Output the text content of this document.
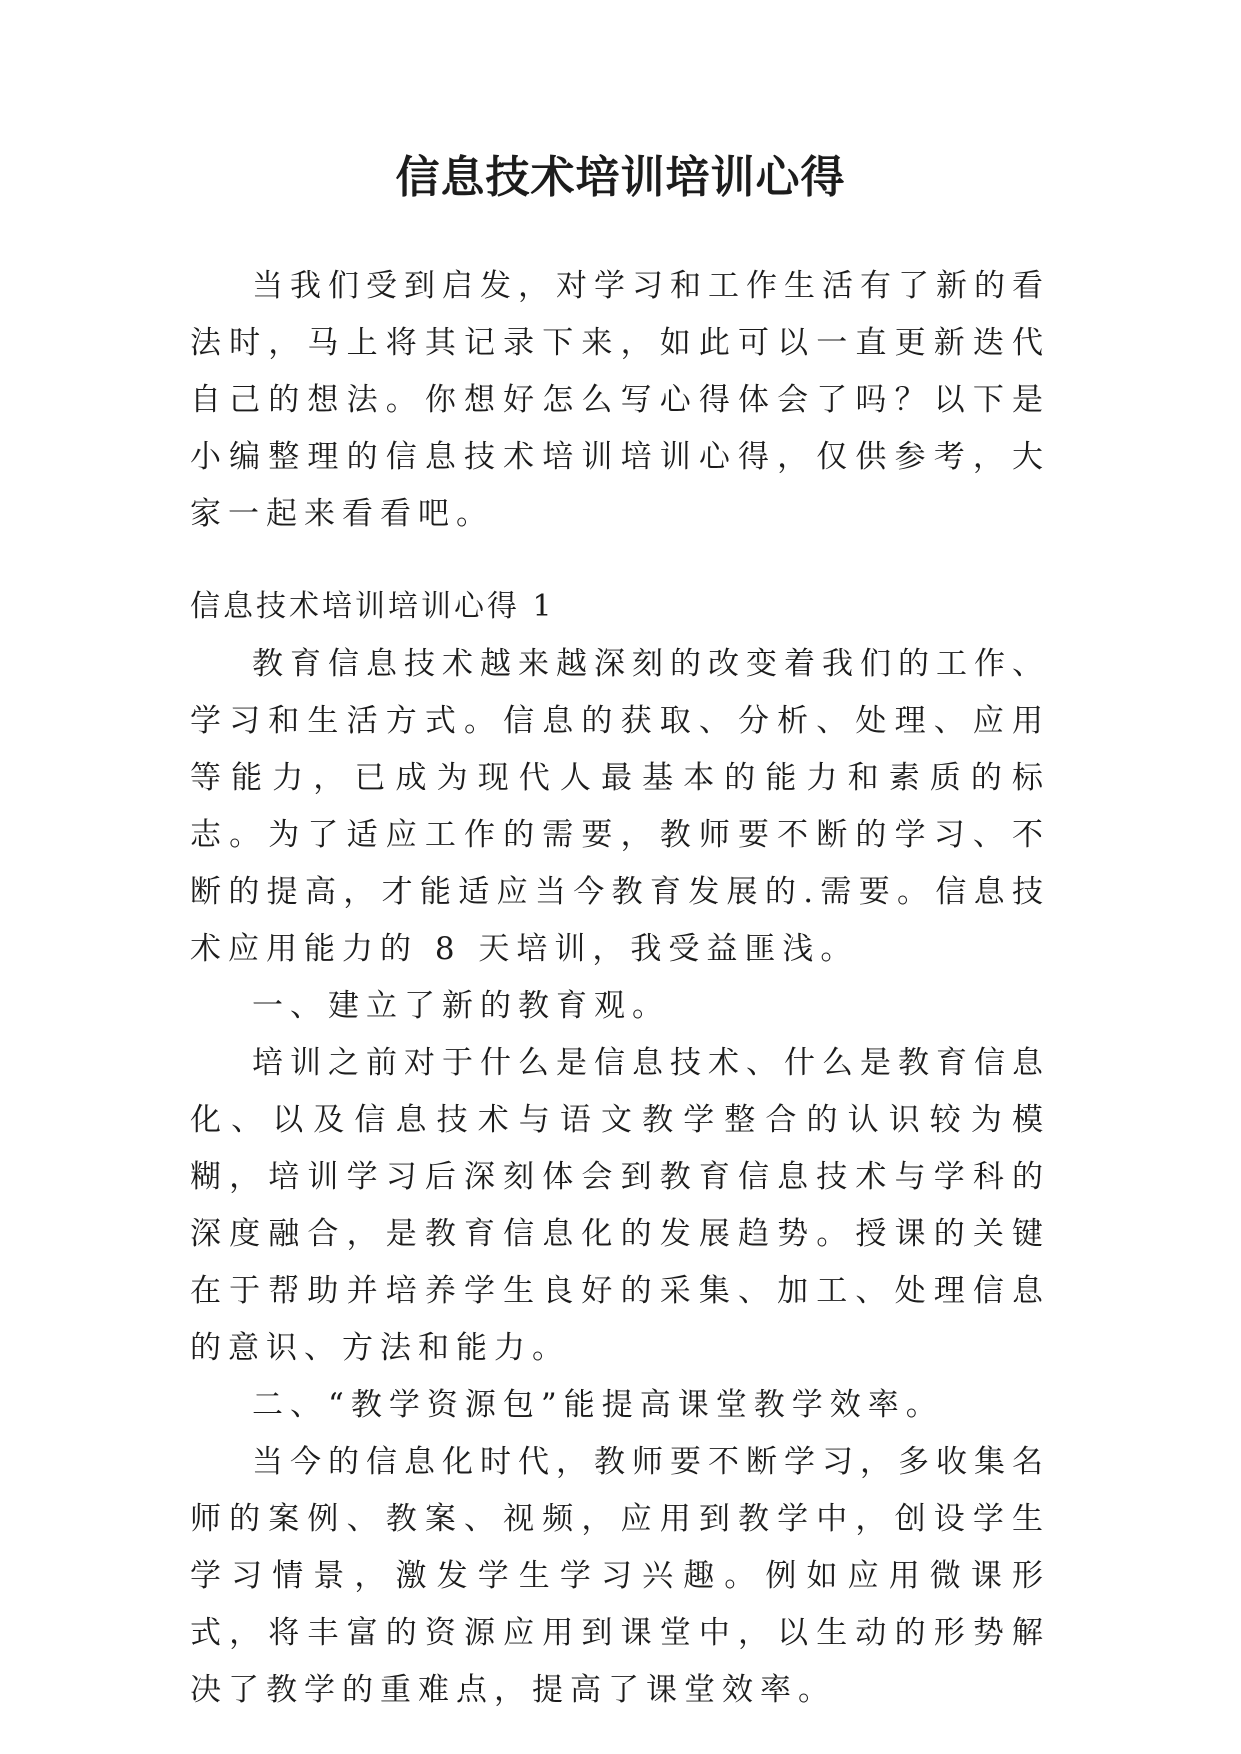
信息技术培训培训心得

当我们受到启发，对学习和工作生活有了新的看法时，马上将其记录下来，如此可以一直更新迭代自己的想法。你想好怎么写心得体会了吗？以下是小编整理的信息技术培训培训心得，仅供参考，大家一起来看看吧。

信息技术培训培训心得 1

教育信息技术越来越深刻的改变着我们的工作、学习和生活方式。信息的获取、分析、处理、应用等能力，已成为现代人最基本的能力和素质的标志。为了适应工作的需要，教师要不断的学习、不断的提高，才能适应当今教育发展的.需要。信息技术应用能力的 8 天培训，我受益匪浅。

一、建立了新的教育观。

培训之前对于什么是信息技术、什么是教育信息化、以及信息技术与语文教学整合的认识较为模糊，培训学习后深刻体会到教育信息技术与学科的深度融合，是教育信息化的发展趋势。授课的关键在于帮助并培养学生良好的采集、加工、处理信息的意识、方法和能力。

二、“教学资源包”能提高课堂教学效率。

当今的信息化时代，教师要不断学习，多收集名师的案例、教案、视频，应用到教学中，创设学生学习情景，激发学生学习兴趣。例如应用微课形式，将丰富的资源应用到课堂中，以生动的形势解决了教学的重难点，提高了课堂效率。
